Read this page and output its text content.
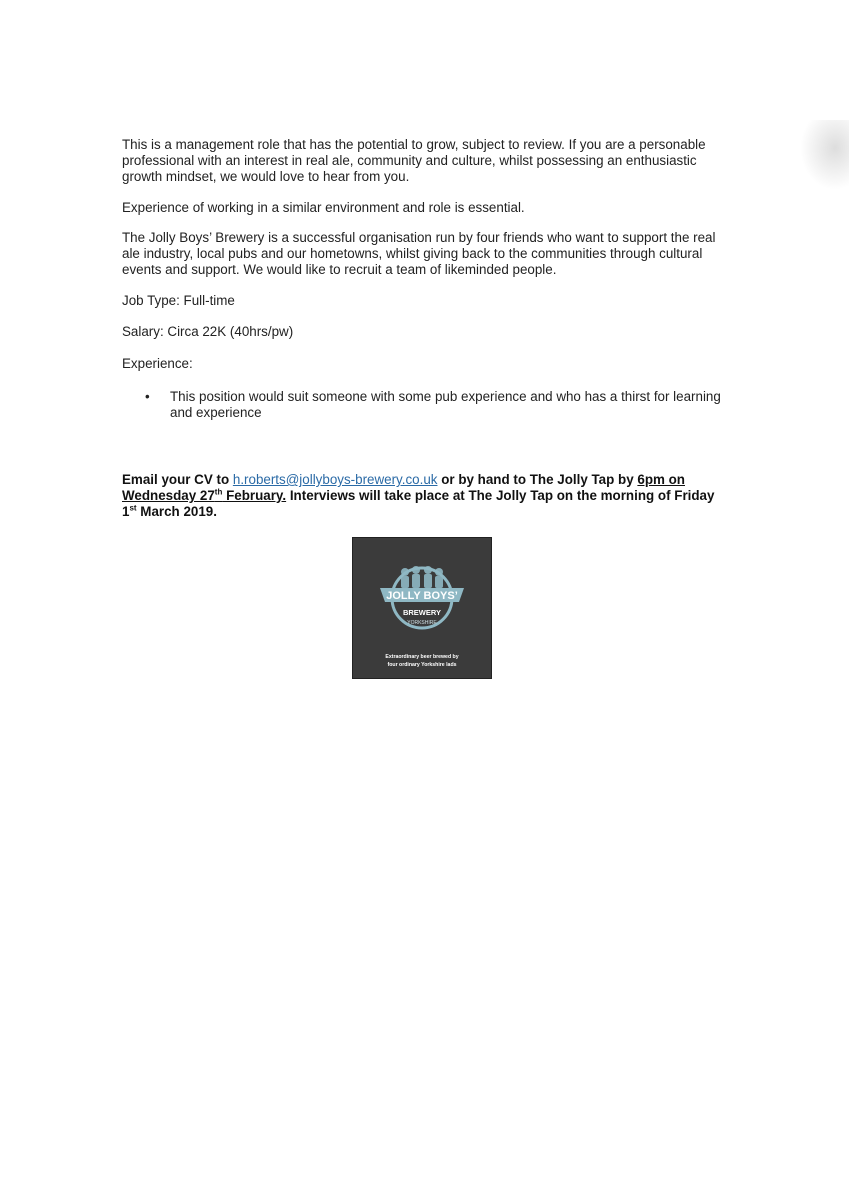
This is a management role that has the potential to grow, subject to review. If you are a personable
professional with an interest in real ale, community and culture, whilst possessing an enthusiastic
growth mindset, we would love to hear from you.

Experience of working in a similar environment and role is essential.

The Jolly Boys’ Brewery is a successful organisation run by four friends who want to support the real
ale industry, local pubs and our hometowns, whilst giving back to the communities through cultural
events and support. We would like to recruit a team of likeminded people.

Job Type: Full-time

Salary: Circa 22K (40hrs/pw)

Experience:

• This position would suit someone with some pub experience and who has a thirst for learning
and experience

Email your CV to h.roberts@jollyboys-brewery.co.uk or by hand to The Jolly Tap by 6pm on
Wednesday 27th February. Interviews will take place at The Jolly Tap on the morning of Friday
1st March 2019.

JOLLY BOYS’
BREWERY
YORKSHIRE
Extraordinary beer brewed by
four ordinary Yorkshire lads
